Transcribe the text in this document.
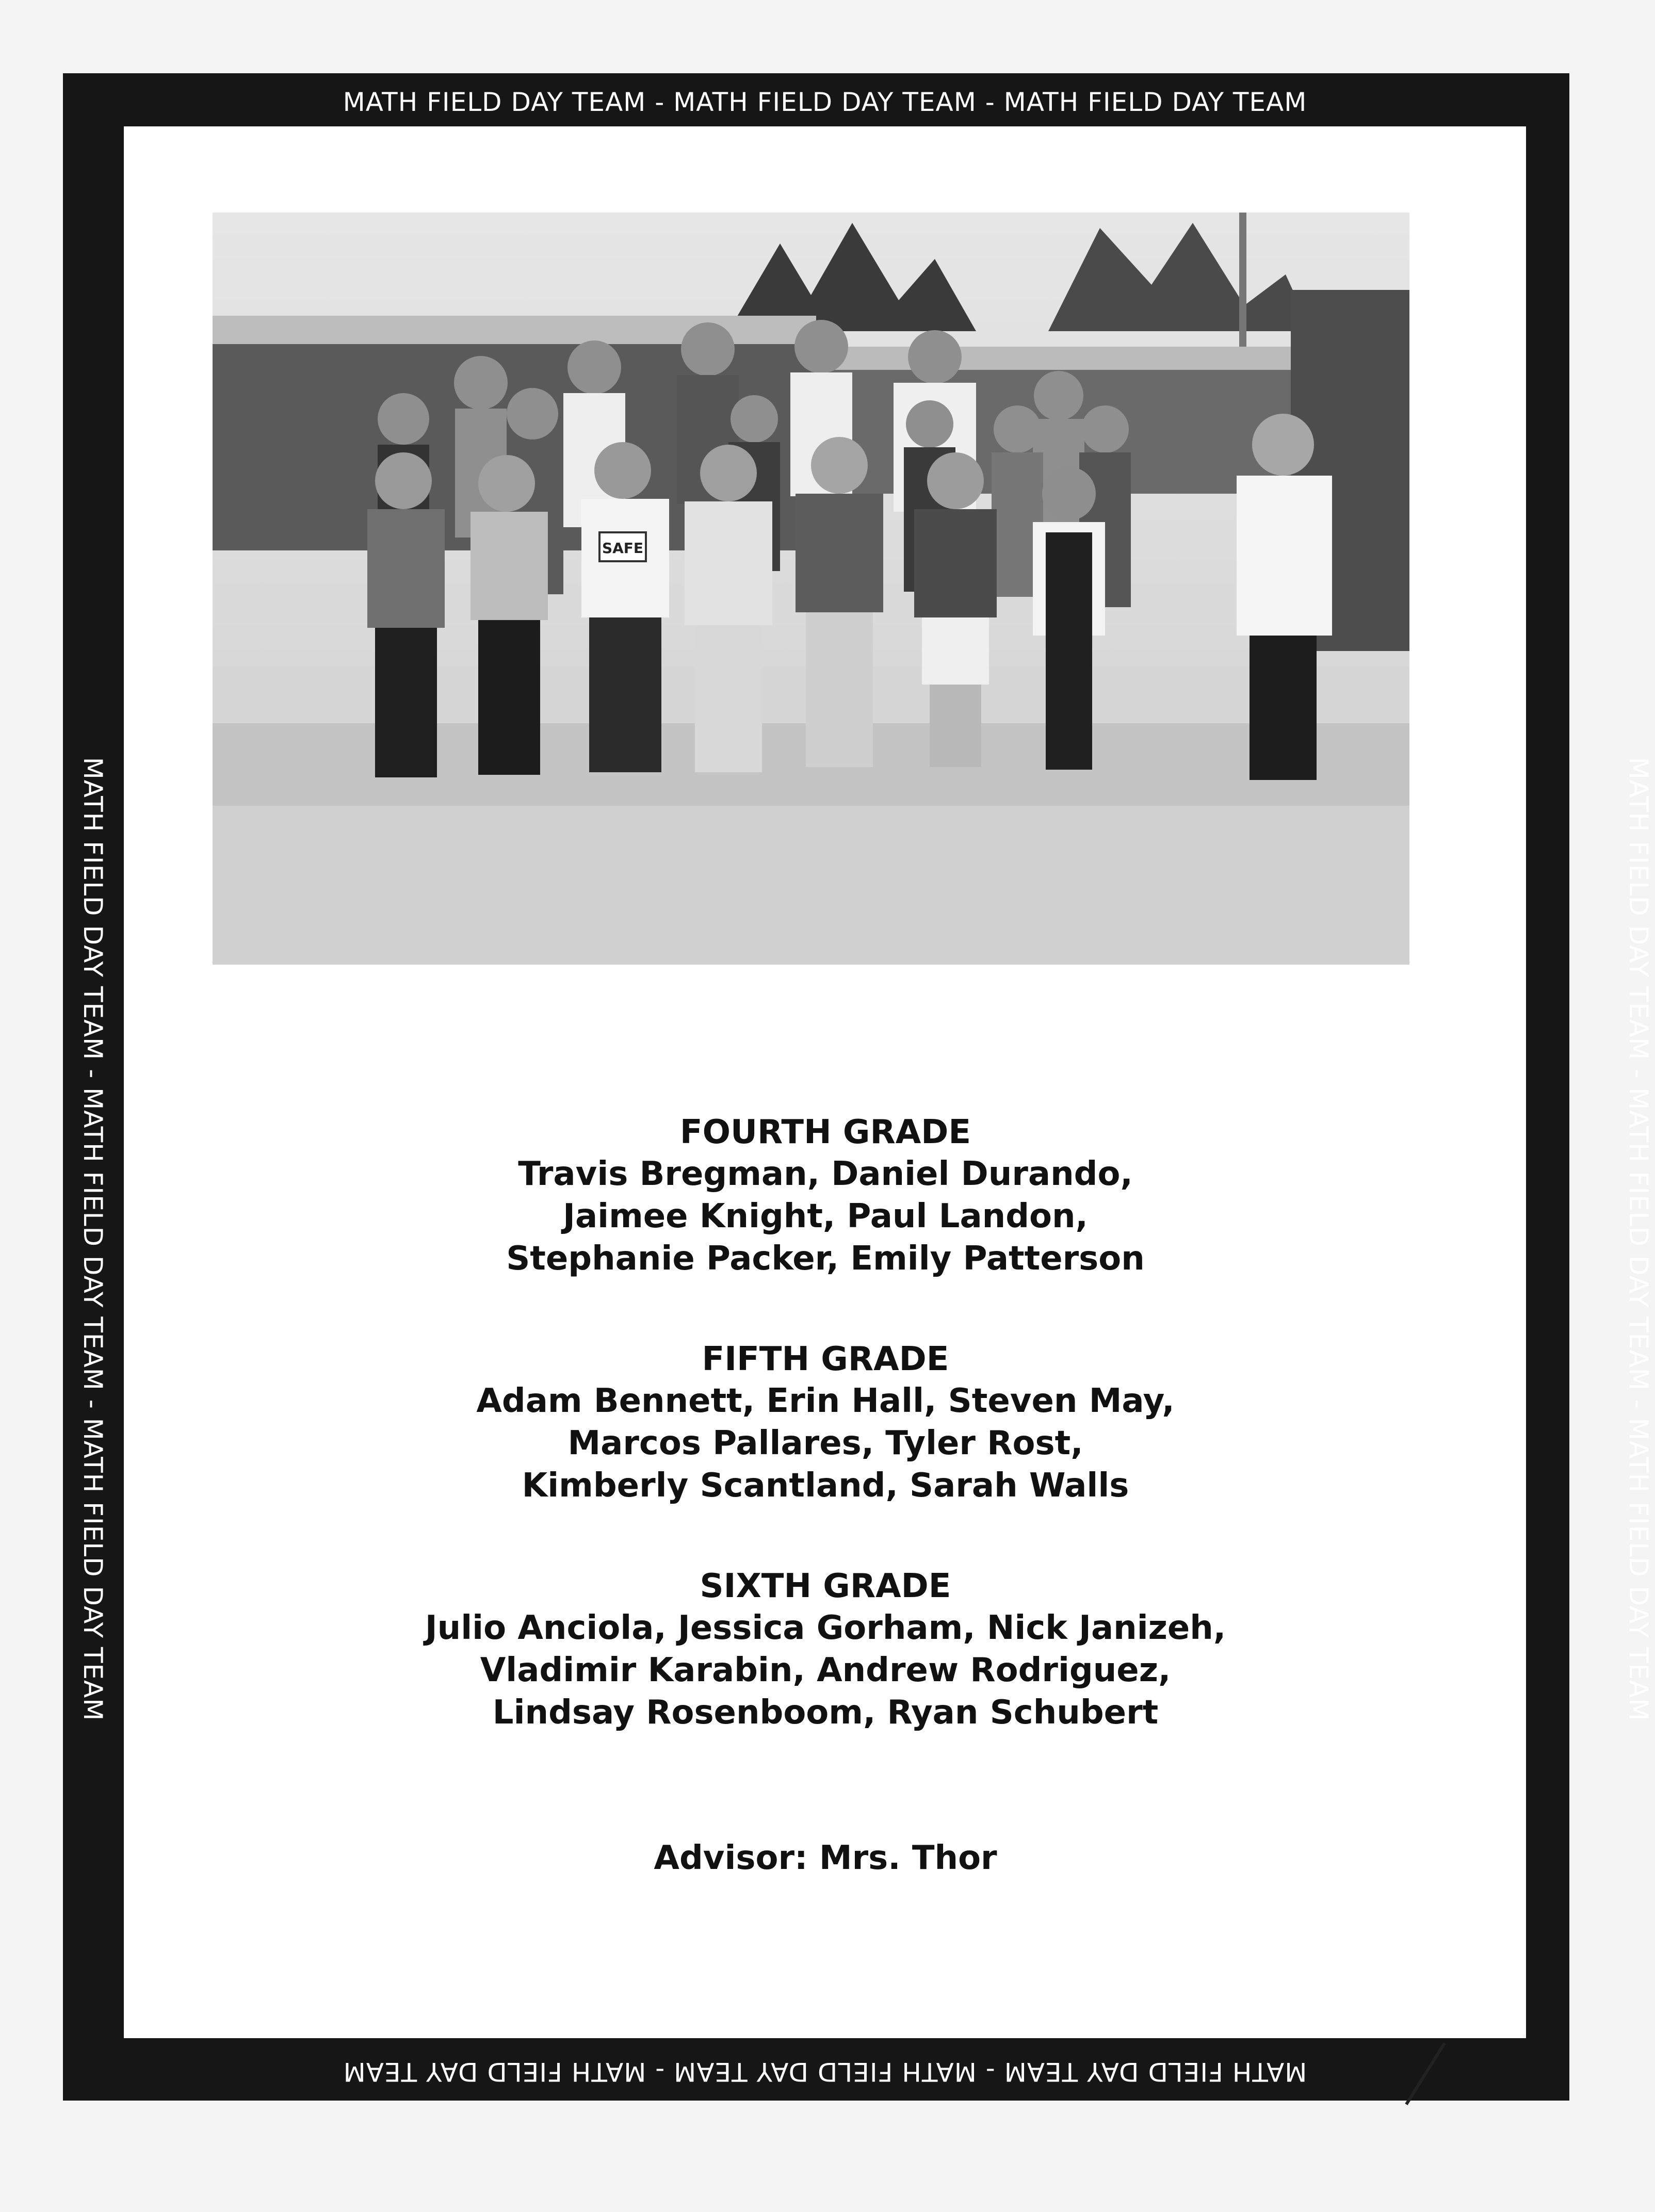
MATH FIELD DAY TEAM - MATH FIELD DAY TEAM - MATH FIELD DAY TEAM
MATH FIELD DAY TEAM - MATH FIELD DAY TEAM - MATH FIELD DAY TEAM
MATH FIELD DAY TEAM - MATH FIELD DAY TEAM - MATH FIELD DAY TEAM	MATH FIELD DAY TEAM - MATH FIELD DAY TEAM - MATH FIELD DAY TEAM
SAFE

FOURTH GRADE

Travis Bregman, Daniel Durando,

Jaimee Knight, Paul Landon,

Stephanie Packer, Emily Patterson

FIFTH GRADE

Adam Bennett, Erin Hall, Steven May,

Marcos Pallares, Tyler Rost,

Kimberly Scantland, Sarah Walls

SIXTH GRADE

Julio Anciola, Jessica Gorham, Nick Janizeh,

Vladimir Karabin, Andrew Rodriguez,

Lindsay Rosenboom, Ryan Schubert

Advisor: Mrs. Thor
